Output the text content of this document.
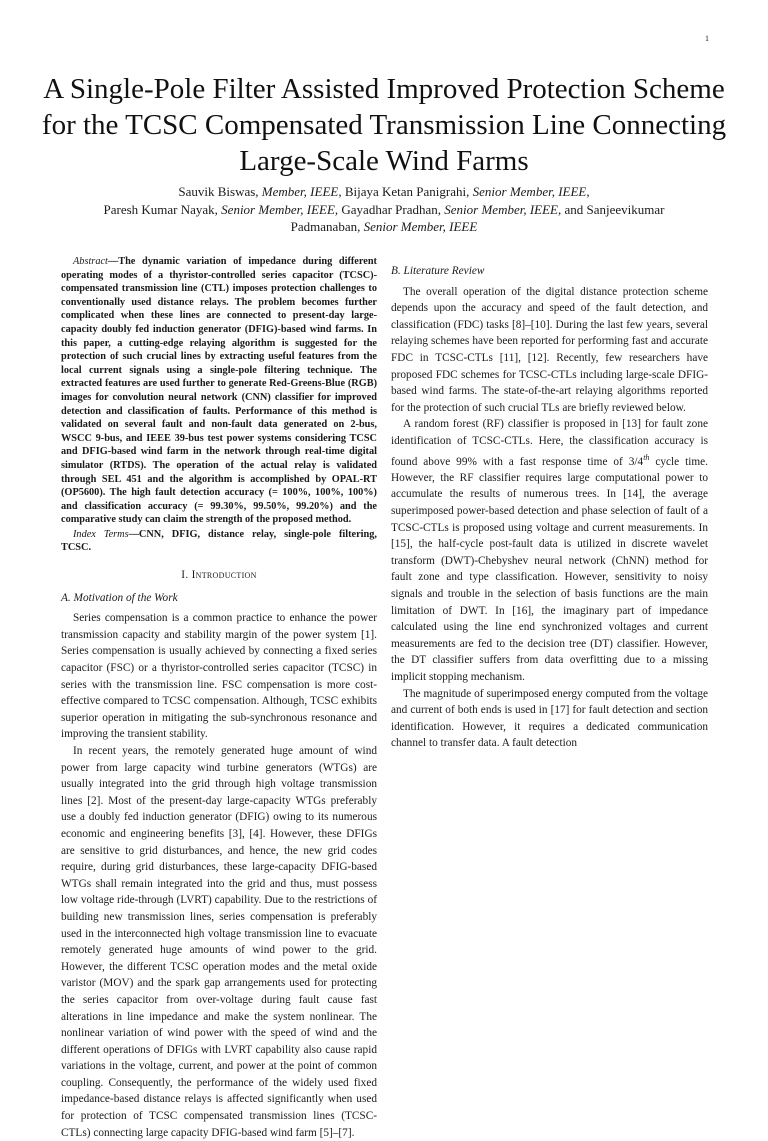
1
A Single-Pole Filter Assisted Improved Protection Scheme for the TCSC Compensated Transmission Line Connecting Large-Scale Wind Farms
Sauvik Biswas, Member, IEEE, Bijaya Ketan Panigrahi, Senior Member, IEEE,
Paresh Kumar Nayak, Senior Member, IEEE, Gayadhar Pradhan, Senior Member, IEEE, and Sanjeevikumar
Padmanaban, Senior Member, IEEE

Abstract—The dynamic variation of impedance during different operating modes of a thyristor-controlled series capacitor (TCSC)-compensated transmission line (CTL) imposes protection challenges to conventionally used distance relays. The problem becomes further complicated when these lines are connected to present-day large-capacity doubly fed induction generator (DFIG)-based wind farms. In this paper, a cutting-edge relaying algorithm is suggested for the protection of such crucial lines by extracting useful features from the local current signals using a single-pole filtering technique. The extracted features are used further to generate Red-Greens-Blue (RGB) images for convolution neural network (CNN) classifier for improved detection and classification of faults. Performance of this method is validated on several fault and non-fault data generated on 2-bus, WSCC 9-bus, and IEEE 39-bus test power systems considering TCSC and DFIG-based wind farm in the network through real-time digital simulator (RTDS). The operation of the actual relay is validated through SEL 451 and the algorithm is accomplished by OPAL-RT (OP5600). The high fault detection accuracy (= 100%, 100%, 100%) and classification accuracy (= 99.30%, 99.50%, 99.20%) and the comparative study can claim the strength of the proposed method.

Index Terms—CNN, DFIG, distance relay, single-pole filtering, TCSC.

I. Introduction
A. Motivation of the Work

Series compensation is a common practice to enhance the power transmission capacity and stability margin of the power system [1]. Series compensation is usually achieved by connecting a fixed series capacitor (FSC) or a thyristor-controlled series capacitor (TCSC) in series with the transmission line. FSC compensation is more cost-effective compared to TCSC compensation. Although, TCSC exhibits superior operation in mitigating the sub-synchronous resonance and improving the transient stability.

In recent years, the remotely generated huge amount of wind power from large capacity wind turbine generators (WTGs) are usually integrated into the grid through high voltage transmission lines [2]. Most of the present-day large-capacity WTGs preferably use a doubly fed induction generator (DFIG) owing to its numerous economic and engineering benefits [3], [4]. However, these DFIGs are sensitive to grid disturbances, and hence, the new grid codes require, during grid disturbances, these large-capacity DFIG-based WTGs shall remain integrated into the grid and thus, must possess low voltage ride-through (LVRT) capability. Due to the restrictions of building new transmission lines, series compensation is preferably used in the interconnected high voltage transmission line to evacuate remotely generated huge amounts of wind power to the grid. However, the different TCSC operation modes and the metal oxide varistor (MOV) and the spark gap arrangements used for protecting the series capacitor from over-voltage during fault cause fast alterations in line impedance and make the system nonlinear. The nonlinear variation of wind power with the speed of wind and the different operations of DFIGs with LVRT capability also cause rapid variations in the voltage, current, and power at the point of common coupling. Consequently, the performance of the widely used fixed impedance-based distance relays is affected significantly when used for protection of TCSC compensated transmission lines (TCSC-CTLs) connecting large capacity DFIG-based wind farm [5]–[7].

B. Literature Review

The overall operation of the digital distance protection scheme depends upon the accuracy and speed of the fault detection, and classification (FDC) tasks [8]–[10]. During the last few years, several relaying schemes have been reported for performing fast and accurate FDC in TCSC-CTLs [11], [12]. Recently, few researchers have proposed FDC schemes for TCSC-CTLs including large-scale DFIG-based wind farms. The state-of-the-art relaying algorithms reported for the protection of such crucial TLs are briefly reviewed below.

A random forest (RF) classifier is proposed in [13] for fault zone identification of TCSC-CTLs. Here, the classification accuracy is found above 99% with a fast response time of 3/4th cycle time. However, the RF classifier requires large computational power to accumulate the results of numerous trees. In [14], the average superimposed power-based detection and phase selection of fault of a TCSC-CTLs is proposed using voltage and current measurements. In [15], the half-cycle post-fault data is utilized in discrete wavelet transform (DWT)-Chebyshev neural network (ChNN) method for fault zone and type classification. However, sensitivity to noisy signals and trouble in the selection of basis functions are the main limitation of DWT. In [16], the imaginary part of impedance calculated using the line end synchronized voltages and current measurements are fed to the decision tree (DT) classifier. However, the DT classifier suffers from data overfitting due to a missing implicit stopping mechanism.

The magnitude of superimposed energy computed from the voltage and current of both ends is used in [17] for fault detection and section identification. However, it requires a dedicated communication channel to transfer data. A fault detection
